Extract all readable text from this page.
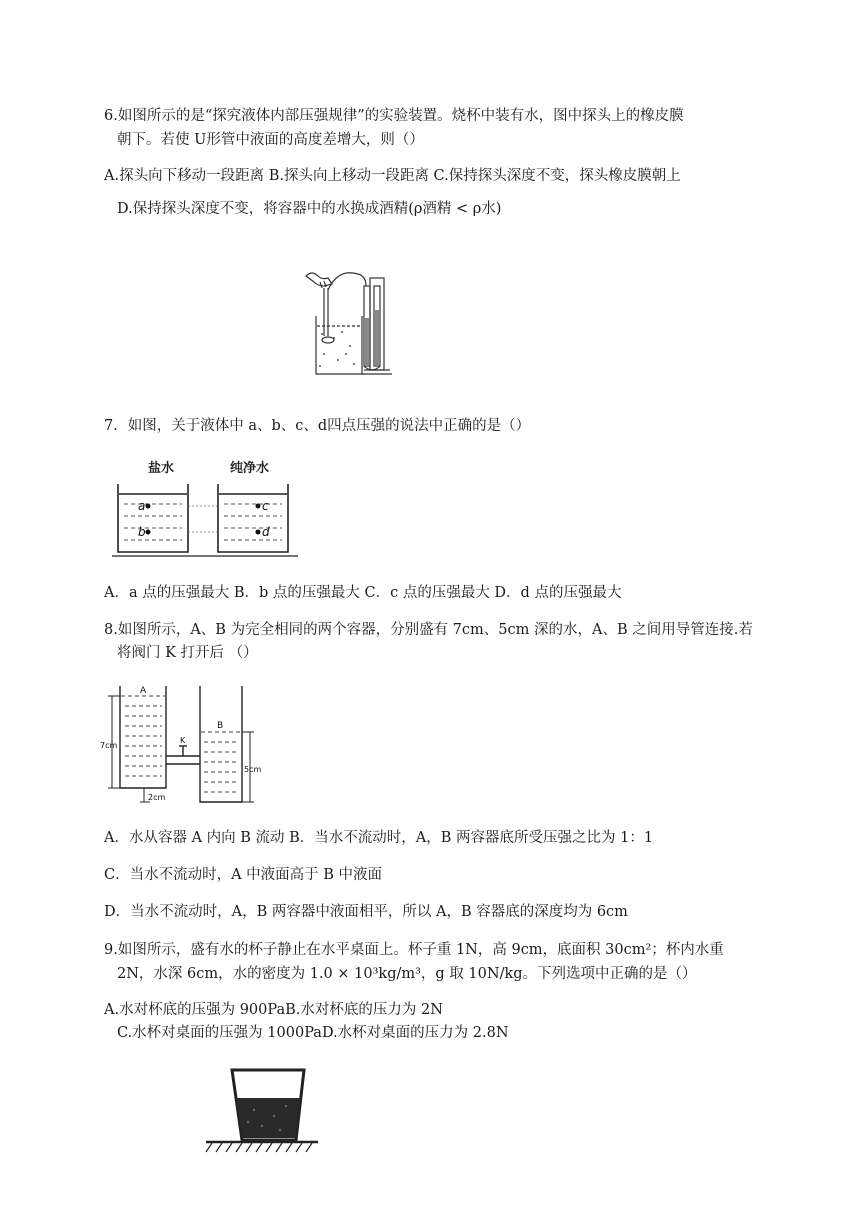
6.如图所示的是“探究液体内部压强规律”的实验装置。烧杯中装有水，图中探头上的橡皮膜
朝下。若使 U形管中液面的高度差增大，则（）
A.探头向下移动一段距离 B.探头向上移动一段距离 C.保持探头深度不变，探头橡皮膜朝上
D.保持探头深度不变，将容器中的水换成酒精(ρ酒精 < ρ水)
7．如图，关于液体中 a、b、c、d四点压强的说法中正确的是（）
盐水	纯净水
a
b
c
d
A．a 点的压强最大 B．b 点的压强最大 C．c 点的压强最大 D．d 点的压强最大
8.如图所示，A、B 为完全相同的两个容器，分别盛有 7cm、5cm 深的水，A、B 之间用导管连接.若
将阀门 K 打开后 （）
A
B
K
7cm
5cm
2cm
A．水从容器 A 内向 B 流动 B．当水不流动时，A，B 两容器底所受压强之比为 1：1
C．当水不流动时，A 中液面高于 B 中液面
D．当水不流动时，A，B 两容器中液面相平，所以 A，B 容器底的深度均为 6cm
9.如图所示，盛有水的杯子静止在水平桌面上。杯子重 1N，高 9cm，底面积 30cm²；杯内水重
2N，水深 6cm，水的密度为 1.0 × 10³kg/m³，g 取 10N/kg。下列选项中正确的是（）
A.水对杯底的压强为 900PaB.水对杯底的压力为 2N
C.水杯对桌面的压强为 1000PaD.水杯对桌面的压力为 2.8N
